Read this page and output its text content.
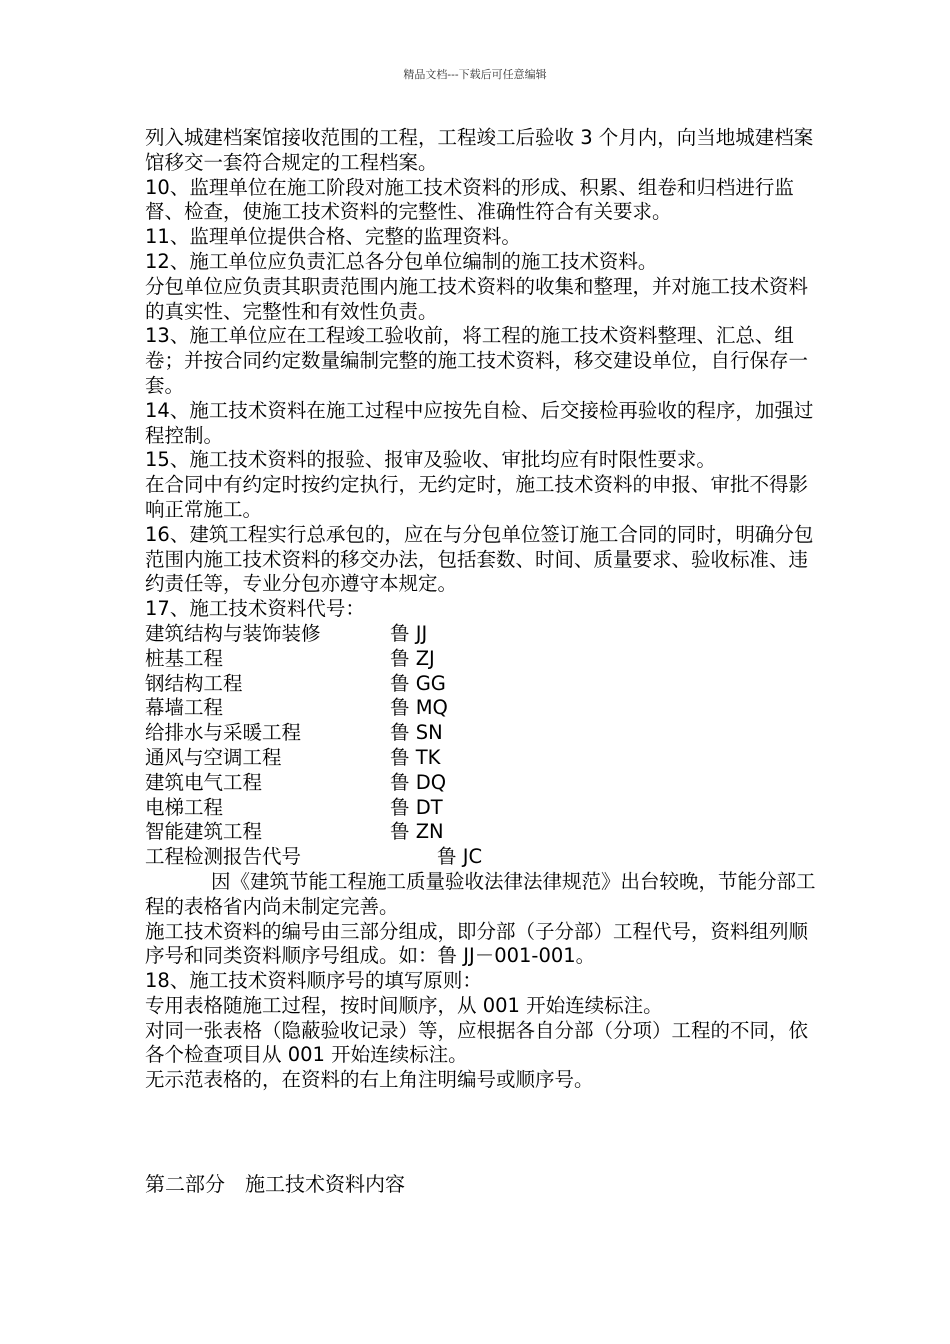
精品文档---下载后可任意编辑

列入城建档案馆接收范围的工程，工程竣工后验收 3 个月内，向当地城建档案馆移交一套符合规定的工程档案。

10、监理单位在施工阶段对施工技术资料的形成、积累、组卷和归档进行监督、检查，使施工技术资料的完整性、准确性符合有关要求。

11、监理单位提供合格、完整的监理资料。

12、施工单位应负责汇总各分包单位编制的施工技术资料。

分包单位应负责其职责范围内施工技术资料的收集和整理，并对施工技术资料的真实性、完整性和有效性负责。

13、施工单位应在工程竣工验收前，将工程的施工技术资料整理、汇总、组卷；并按合同约定数量编制完整的施工技术资料，移交建设单位，自行保存一套。

14、施工技术资料在施工过程中应按先自检、后交接检再验收的程序，加强过程控制。

15、施工技术资料的报验、报审及验收、审批均应有时限性要求。

在合同中有约定时按约定执行，无约定时，施工技术资料的申报、审批不得影响正常施工。

16、建筑工程实行总承包的，应在与分包单位签订施工合同的同时，明确分包范围内施工技术资料的移交办法，包括套数、时间、质量要求、验收标准、违约责任等，专业分包亦遵守本规定。

17、施工技术资料代号：

建筑结构与装饰装修	鲁 JJ
桩基工程	鲁 ZJ
钢结构工程	鲁 GG
幕墙工程	鲁 MQ
给排水与采暖工程	鲁 SN
通风与空调工程	鲁 TK
建筑电气工程	鲁 DQ
电梯工程	鲁 DT
智能建筑工程	鲁 ZN
工程检测报告代号	鲁 JC

因《建筑节能工程施工质量验收法律法律规范》出台较晚，节能分部工程的表格省内尚未制定完善。

施工技术资料的编号由三部分组成，即分部（子分部）工程代号，资料组列顺序号和同类资料顺序号组成。如：鲁 JJ－001-001。

18、施工技术资料顺序号的填写原则：

专用表格随施工过程，按时间顺序，从 001 开始连续标注。

对同一张表格（隐蔽验收记录）等，应根据各自分部（分项）工程的不同，依各个检查项目从 001 开始连续标注。

无示范表格的，在资料的右上角注明编号或顺序号。

第二部分　施工技术资料内容
